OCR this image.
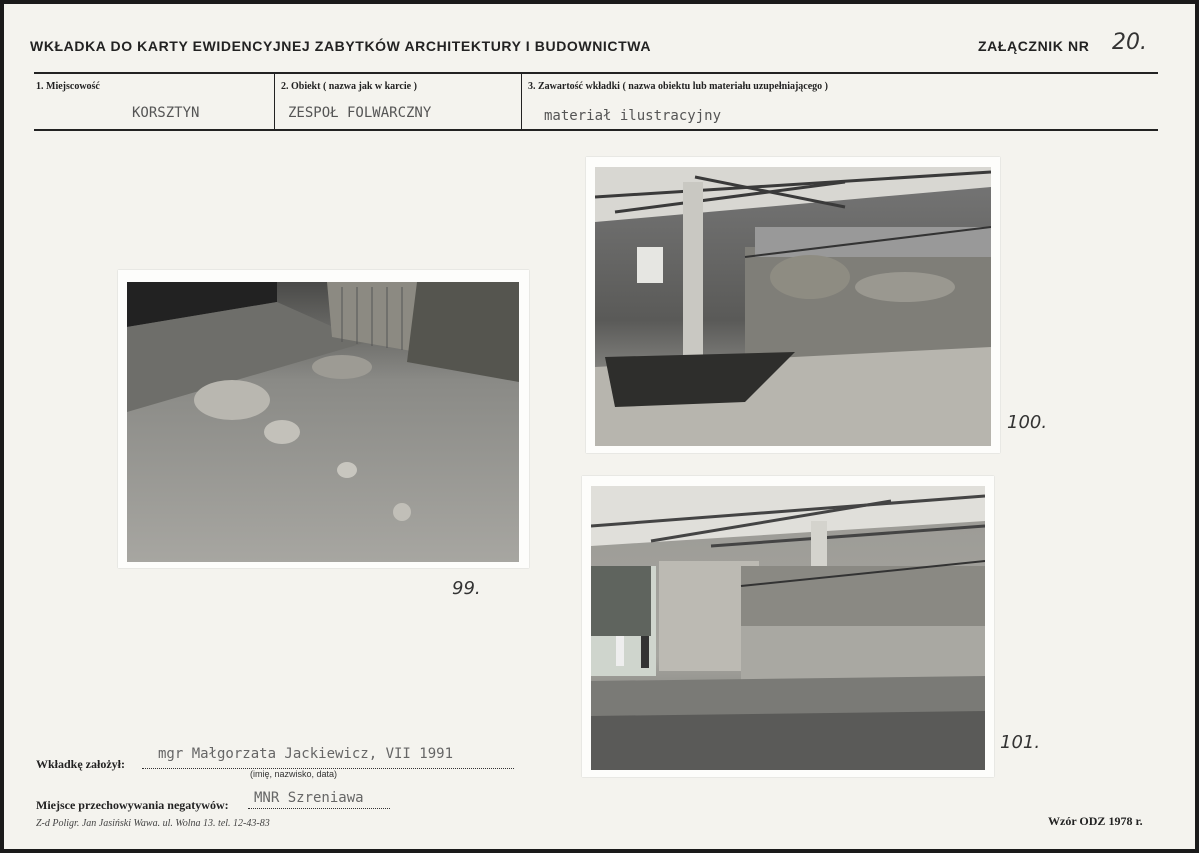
WKŁADKA DO KARTY EWIDENCYJNEJ ZABYTKÓW ARCHITEKTURY I BUDOWNICTWA	ZAŁĄCZNIK NR 20.
1. Miejscowość
KORSZTYN
2. Obiekt ( nazwa jak w karcie )
ZESPOŁ FOLWARCZNY
3. Zawartość wkładki ( nazwa obiektu lub materiału uzupełniającego )
materiał ilustracyjny
99.
100.
101.
Wkładkę założył:
mgr Małgorzata Jackiewicz, VII 1991
(imię, nazwisko, data)
Miejsce przechowywania negatywów: MNR Szreniawa
Z-d Poligr. Jan Jasiński Wawa. ul. Wolna 13. tel. 12-43-83	Wzór ODZ 1978 r.
